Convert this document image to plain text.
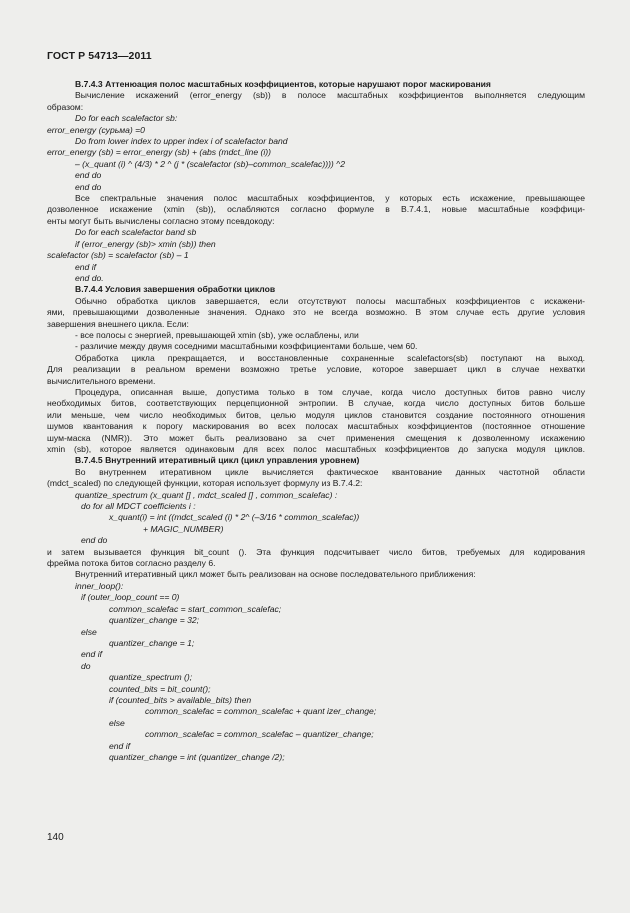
ГОСТ Р 54713—2011
B.7.4.3 Аттенюация полос масштабных коэффициентов, которые нарушают порог маскирования
Вычисление искажений (error_energy (sb)) в полосе масштабных коэффициентов выполняется следующим
образом:
Do for each scalefactor sb:
error_energy (сурьма) =0
Do from lower index to upper index i of scalefactor band
error_energy (sb) = error_energy (sb) + (abs (mdct_line (i))
– (x_quant (i) ^ (4/3) * 2 ^ (j * (scalefactor (sb)–common_scalefac)))) ^2
end do
end do
Все спектральные значения полос масштабных коэффициентов, у которых есть искажение, превышающее
дозволенное искажение (xmin (sb)), ослабляются согласно формуле в B.7.4.1, новые масштабные коэффици-
енты могут быть вычислены согласно этому псевдокоду:
Do for each scalefactor band sb
if (error_energy (sb)> xmin (sb)) then
scalefactor (sb) = scalefactor (sb) – 1
end if
end do.
B.7.4.4 Условия завершения обработки циклов
Обычно обработка циклов завершается, если отсутствуют полосы масштабных коэффициентов с искажени-
ями, превышающими дозволенные значения. Однако это не всегда возможно. В этом случае есть другие условия
завершения внешнего цикла. Если:
- все полосы с энергией, превышающей xmin (sb), уже ослаблены, или
- различие между двумя соседними масштабными коэффициентами больше, чем 60.
Обработка цикла прекращается, и восстановленные сохраненные scalefactors(sb) поступают на выход.
Для реализации в реальном времени возможно третье условие, которое завершает цикл в случае нехватки
вычислительного времени.
Процедура, описанная выше, допустима только в том случае, когда число доступных битов равно числу
необходимых битов, соответствующих перцепционной энтропии. В случае, когда число доступных битов больше
или меньше, чем число необходимых битов, целью модуля циклов становится создание постоянного отношения
шумов квантования к порогу маскирования во всех полосах масштабных коэффициентов (постоянное отношение
шум-маска (NMR)). Это может быть реализовано за счет применения смещения к дозволенному искажению
xmin (sb), которое является одинаковым для всех полос масштабных коэффициентов до запуска модуля циклов.
B.7.4.5 Внутренний итеративный цикл (цикл управления уровнем)
Во внутреннем итеративном цикле вычисляется фактическое квантование данных частотной области
(mdct_scaled) по следующей функции, которая использует формулу из B.7.4.2:
quantize_spectrum (x_quant [] , mdct_scaled [] , common_scalefac) :
do for all MDCT coefficients i :
x_quant(i) = int ((mdct_scaled (i) * 2^ (–3/16 * common_scalefac))
+ MAGIC_NUMBER)
end do
и затем вызывается функция bit_count (). Эта функция подсчитывает число битов, требуемых для кодирования
фрейма потока битов согласно разделу 6.
Внутренний итеративный цикл может быть реализован на основе последовательного приближения:
inner_loop():
if (outer_loop_count == 0)
common_scalefac = start_common_scalefac;
quantizer_change = 32;
else
quantizer_change = 1;
end if
do
quantize_spectrum ();
counted_bits = bit_count();
if (counted_bits > available_bits) then
common_scalefac = common_scalefac + quant izer_change;
else
common_scalefac = common_scalefac – quantizer_change;
end if
quantizer_change = int (quantizer_change /2);
140
